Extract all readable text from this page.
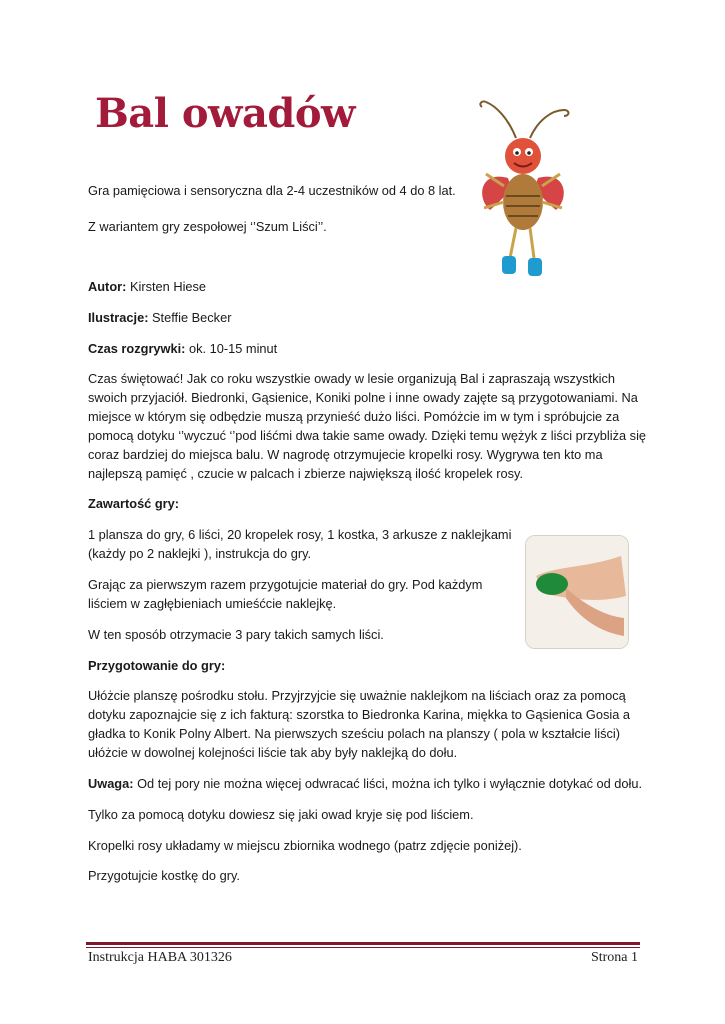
Bal owadów

Gra pamięciowa i sensoryczna dla 2-4 uczestników od 4 do 8 lat.

Z wariantem gry zespołowej ‘’Szum Liści’’.

Autor: Kirsten Hiese

Ilustracje: Steffie Becker

Czas rozgrywki: ok. 10-15 minut

Czas świętować! Jak co roku wszystkie owady w lesie organizują Bal i zapraszają wszystkich swoich przyjaciół. Biedronki, Gąsienice, Koniki polne i inne owady zajęte są przygotowaniami. Na miejsce w którym się odbędzie muszą przynieść dużo liści. Pomóżcie im w tym i spróbujcie za pomocą dotyku ‘’wyczuć ‘’pod liśćmi dwa takie same owady. Dzięki temu wężyk z liści przybliża się coraz bardziej do miejsca balu. W nagrodę otrzymujecie kropelki rosy. Wygrywa ten kto ma najlepszą pamięć , czucie w palcach i zbierze największą ilość kropelek rosy.

Zawartość gry:

1 plansza do gry, 6 liści, 20 kropelek rosy, 1 kostka, 3 arkusze z naklejkami (każdy po 2 naklejki ), instrukcja do gry.

Grając za pierwszym razem przygotujcie materiał do gry. Pod każdym liściem w zagłębieniach umieśćcie naklejkę.

W ten sposób otrzymacie 3 pary takich samych liści.

Przygotowanie do gry:

Ułóżcie planszę pośrodku stołu. Przyjrzyjcie się uważnie naklejkom na liściach oraz za pomocą dotyku zapoznajcie się z ich fakturą: szorstka to Biedronka Karina, miękka to Gąsienica Gosia a gładka to Konik Polny Albert. Na pierwszych sześciu polach na planszy ( pola w kształcie liści) ułóżcie w dowolnej kolejności liście tak aby były naklejką do dołu.

Uwaga: Od tej pory nie można więcej odwracać liści, można ich tylko i wyłącznie dotykać od dołu.

Tylko za pomocą dotyku dowiesz się jaki owad kryje się pod liściem.

Kropelki rosy układamy w miejscu zbiornika wodnego (patrz zdjęcie poniżej).

Przygotujcie kostkę do gry.

Instrukcja HABA 301326	Strona 1
